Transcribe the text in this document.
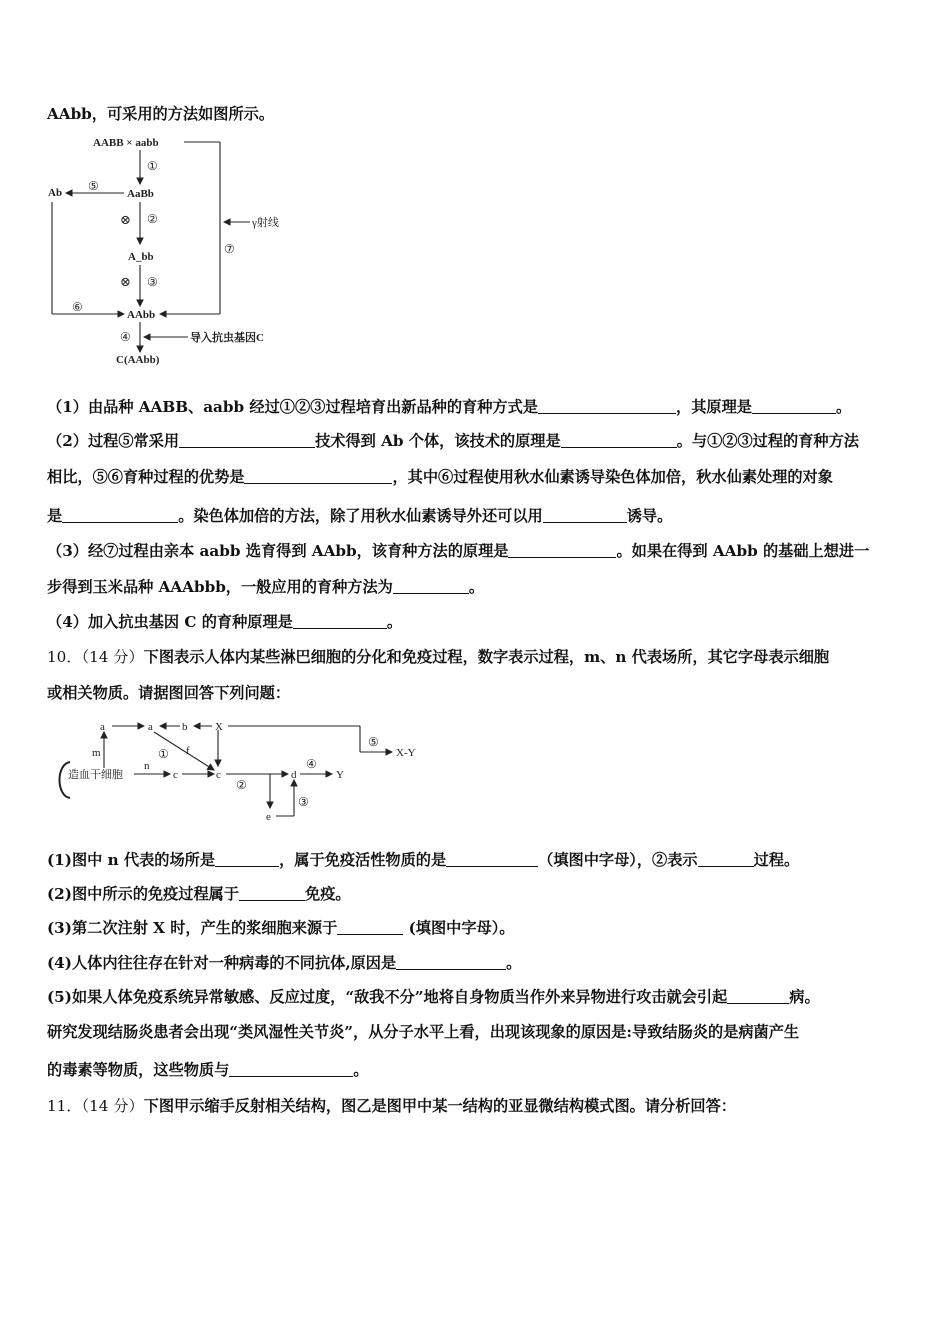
AAbb，可采用的方法如图所示。
AABB × aabb
①
AaBb
Ab ⑤
⑥
⊗ ②
A_bb
⊗ ③
AAbb
γ射线
⑦
④	导入抗虫基因C
C(AAbb)
（1）由品种 AABB、aabb 经过①②③过程培育出新品种的育种方式是	，其原理是	。
（2）过程⑤常采用	技术得到 Ab 个体，该技术的原理是	。与①②③过程的育种方法
相比，⑤⑥育种过程的优势是	，其中⑥过程使用秋水仙素诱导染色体加倍，秋水仙素处理的对象
是	。染色体加倍的方法，除了用秋水仙素诱导外还可以用	诱导。
（3）经⑦过程由亲本 aabb 选育得到 AAbb，该育种方法的原理是	。如果在得到 AAbb 的基础上想进一
步得到玉米品种 AAAbbb，一般应用的育种方法为	。
（4）加入抗虫基因 C 的育种原理是	。
10．（14 分）下图表示人体内某些淋巴细胞的分化和免疫过程，数字表示过程，m、n 代表场所，其它字母表示细胞
或相关物质。请据图回答下列问题：
造血干细胞
m
a	a	b	X
⑤
X-Y
① f
n
c	c
②
d
④
Y
e
③
(1)图中 n 代表的场所是	，属于免疫活性物质的是	（填图中字母），②表示	过程。
(2)图中所示的免疫过程属于	免疫。
(3)第二次注射 X 时，产生的浆细胞来源于	(填图中字母）。
(4)人体内往往存在针对一种病毒的不同抗体,原因是	。
(5)如果人体免疫系统异常敏感、反应过度，“敌我不分”地将自身物质当作外来异物进行攻击就会引起	病。
研究发现结肠炎患者会出现“类风湿性关节炎”，从分子水平上看，出现该现象的原因是:导致结肠炎的是病菌产生
的毒素等物质，这些物质与	。
11．（14 分）下图甲示缩手反射相关结构，图乙是图甲中某一结构的亚显微结构模式图。请分析回答：
